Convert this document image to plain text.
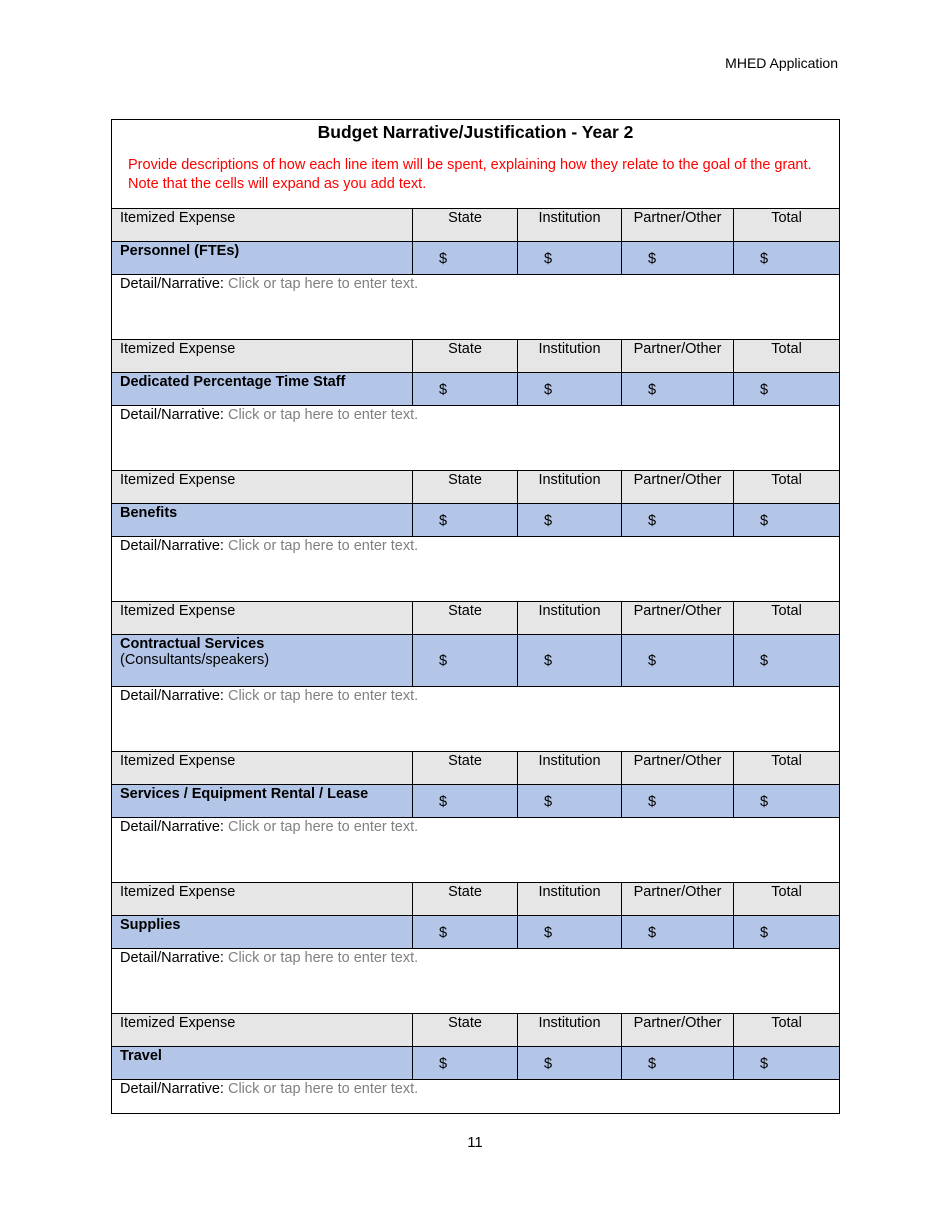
MHED Application
Budget Narrative/Justification - Year 2
Provide descriptions of how each line item will be spent, explaining how they relate to the goal of the grant. Note that the cells will expand as you add text.				

Itemized Expense	State	Institution	Partner/Other	Total

Personnel (FTEs)	$	$	$	$
Detail/Narrative: Click or tap here to enter text.				
Itemized Expense	State	Institution	Partner/Other	Total

Dedicated Percentage Time Staff	$	$	$	$
Detail/Narrative: Click or tap here to enter text.				
Itemized Expense	State	Institution	Partner/Other	Total

Benefits	$	$	$	$
Detail/Narrative: Click or tap here to enter text.				
Itemized Expense	State	Institution	Partner/Other	Total

Contractual Services
(Consultants/speakers)	$	$	$	$
Detail/Narrative: Click or tap here to enter text.				
Itemized Expense	State	Institution	Partner/Other	Total

Services / Equipment Rental / Lease	$	$	$	$
Detail/Narrative: Click or tap here to enter text.				
Itemized Expense	State	Institution	Partner/Other	Total

Supplies	$	$	$	$
Detail/Narrative: Click or tap here to enter text.				
Itemized Expense	State	Institution	Partner/Other	Total

Travel	$	$	$	$
Detail/Narrative: Click or tap here to enter text.				
11
